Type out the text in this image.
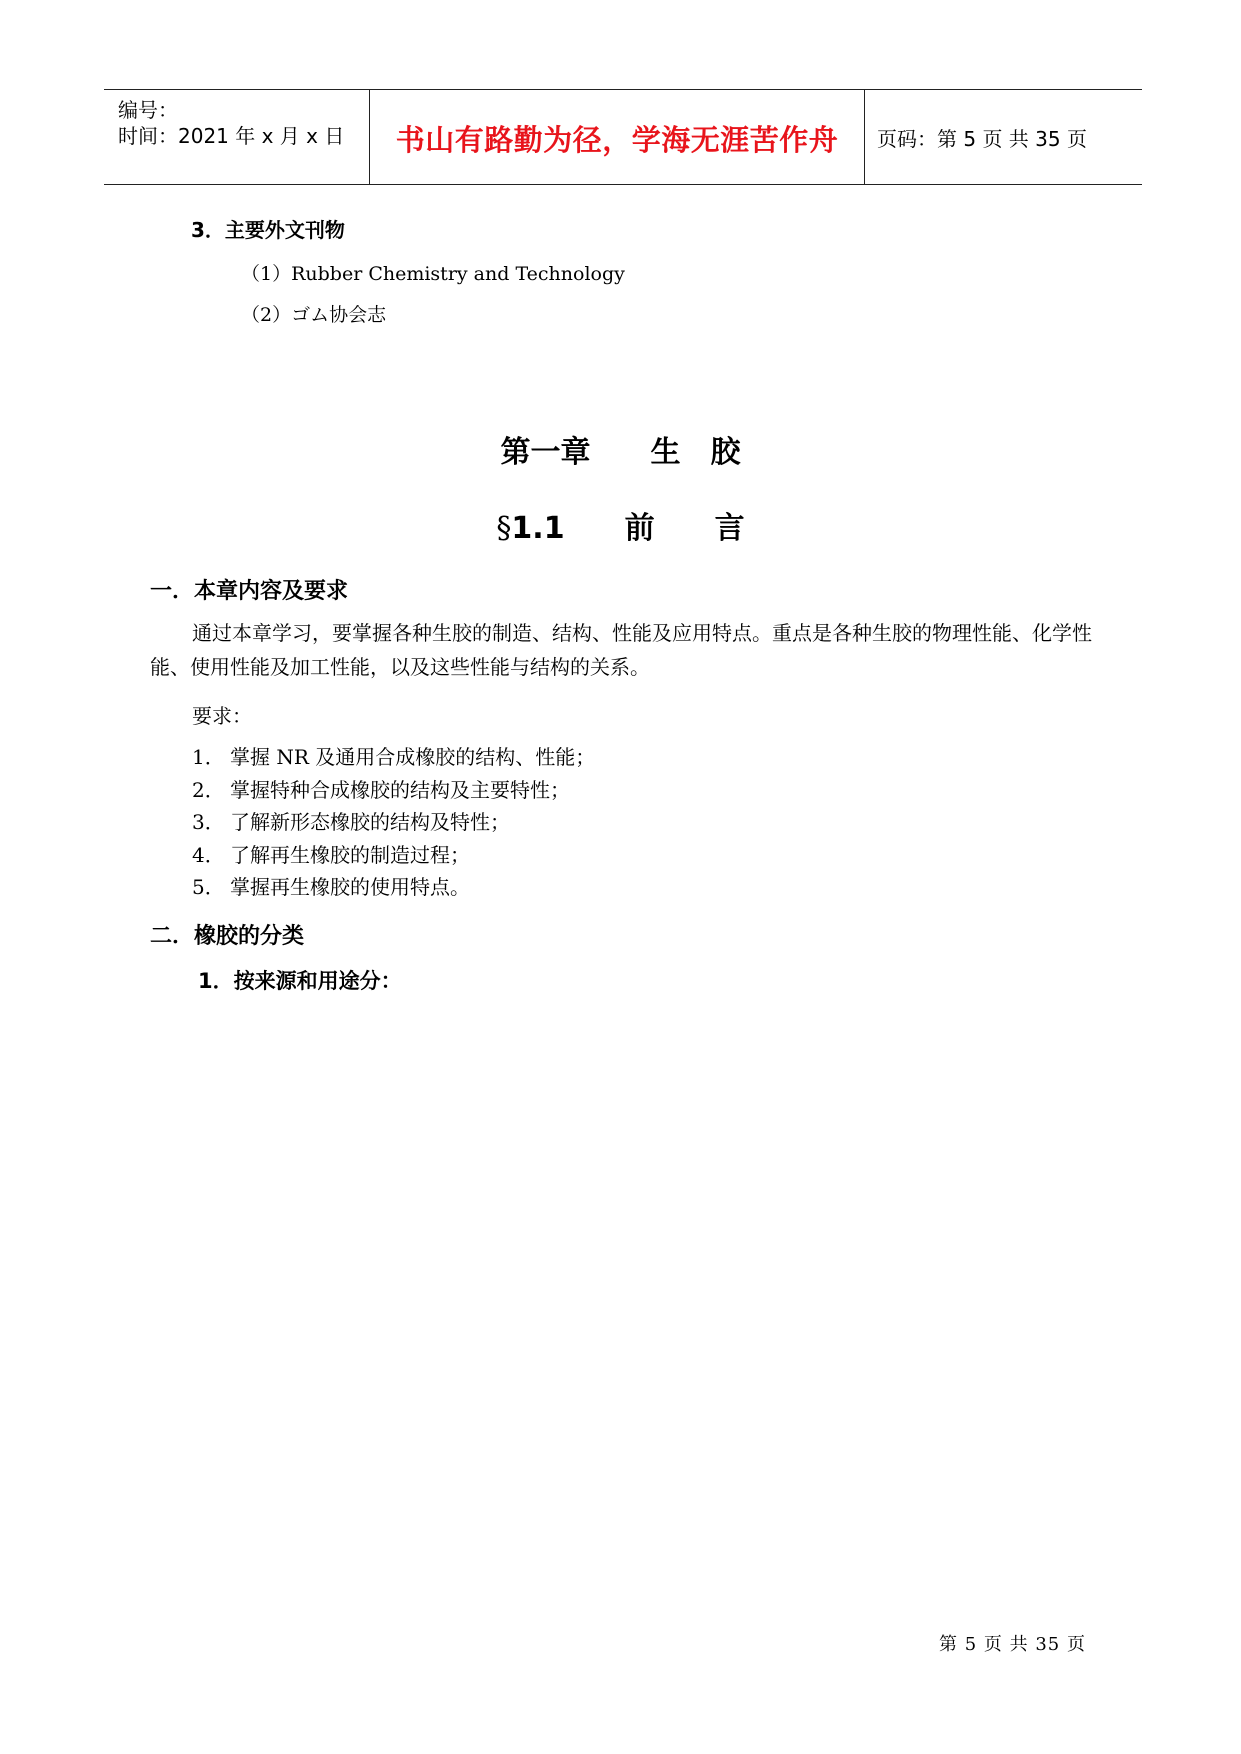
编号：
时间：2021 年 x 月 x 日	书山有路勤为径，学海无涯苦作舟	页码：第 5 页 共 35 页
3．主要外文刊物
（1）Rubber Chemistry and Technology
（2）ゴム协会志
第一章　　生　胶
§1.1　　前　　言
一．本章内容及要求
通过本章学习，要掌握各种生胶的制造、结构、性能及应用特点。重点是各种生胶的物理性能、化学性能、使用性能及加工性能，以及这些性能与结构的关系。
要求：
1． 掌握 NR 及通用合成橡胶的结构、性能；
2． 掌握特种合成橡胶的结构及主要特性；
3． 了解新形态橡胶的结构及特性；
4． 了解再生橡胶的制造过程；
5． 掌握再生橡胶的使用特点。
二．橡胶的分类
1．按来源和用途分：
第 5 页 共 35 页
